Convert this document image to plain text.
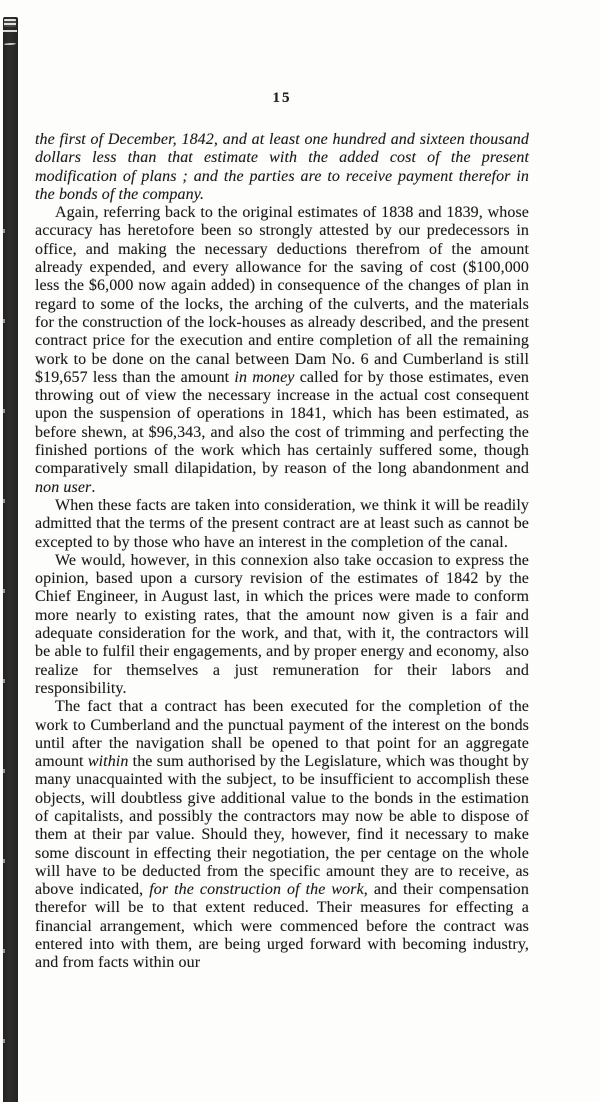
15

the first of December, 1842, and at least one hundred and sixteen thousand dollars less than that estimate with the added cost of the present modification of plans ; and the parties are to receive payment therefor in the bonds of the company.

Again, referring back to the original estimates of 1838 and 1839, whose accuracy has heretofore been so strongly attested by our predecessors in office, and making the necessary deductions therefrom of the amount already expended, and every allowance for the saving of cost ($100,000 less the $6,000 now again added) in consequence of the changes of plan in regard to some of the locks, the arching of the culverts, and the materials for the construction of the lock-houses as already described, and the present contract price for the execution and entire completion of all the remaining work to be done on the canal between Dam No. 6 and Cumberland is still $19,657 less than the amount in money called for by those estimates, even throwing out of view the necessary increase in the actual cost consequent upon the suspension of operations in 1841, which has been estimated, as before shewn, at $96,343, and also the cost of trimming and perfecting the finished portions of the work which has certainly suffered some, though comparatively small dilapidation, by reason of the long abandonment and non user.

When these facts are taken into consideration, we think it will be readily admitted that the terms of the present contract are at least such as cannot be excepted to by those who have an interest in the completion of the canal.

We would, however, in this connexion also take occasion to express the opinion, based upon a cursory revision of the estimates of 1842 by the Chief Engineer, in August last, in which the prices were made to conform more nearly to existing rates, that the amount now given is a fair and adequate consideration for the work, and that, with it, the contractors will be able to fulfil their engagements, and by proper energy and economy, also realize for themselves a just remuneration for their labors and responsibility.

The fact that a contract has been executed for the completion of the work to Cumberland and the punctual payment of the interest on the bonds until after the navigation shall be opened to that point for an aggregate amount within the sum authorised by the Legislature, which was thought by many unacquainted with the subject, to be insufficient to accomplish these objects, will doubtless give additional value to the bonds in the estimation of capitalists, and possibly the contractors may now be able to dispose of them at their par value. Should they, however, find it necessary to make some discount in effecting their negotiation, the per centage on the whole will have to be deducted from the specific amount they are to receive, as above indicated, for the construction of the work, and their compensation therefor will be to that extent reduced. Their measures for effecting a financial arrangement, which were commenced before the contract was entered into with them, are being urged forward with becoming industry, and from facts within our
